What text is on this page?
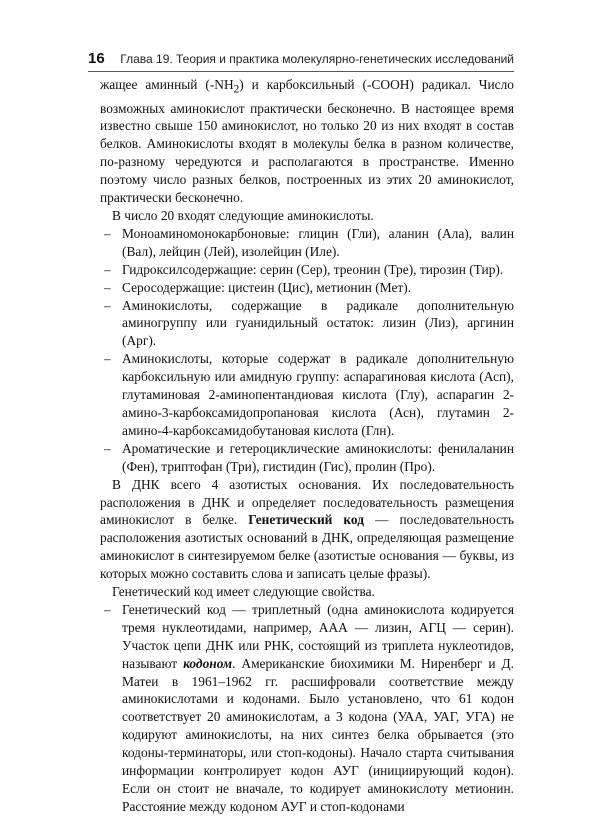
16 Глава 19. Теория и практика молекулярно-генетических исследований

жащее аминный $(-NH_2)$ и карбоксильный (-COOH) радикал. Число возможных аминокислот практически бесконечно. В настоящее время известно свыше 150 аминокислот, но только 20 из них входят в состав белков. Аминокислоты входят в молекулы белка в разном количестве, по-разному чередуются и располагаются в пространстве. Именно поэтому число разных белков, построенных из этих 20 аминокислот, практически бесконечно.

В число 20 входят следующие аминокислоты.

– Моноаминомонокарбоновые: глицин (Гли), аланин (Ала), валин (Вал), лейцин (Лей), изолейцин (Иле).
– Гидроксилсодержащие: серин (Сер), треонин (Тре), тирозин (Тир).
– Серосодержащие: цистеин (Цис), метионин (Мет).
– Аминокислоты, содержащие в радикале дополнительную аминогруппу или гуанидильный остаток: лизин (Лиз), аргинин (Арг).
– Аминокислоты, которые содержат в радикале дополнительную карбоксильную или амидную группу: аспарагиновая кислота (Асп), глутаминовая 2-аминопентандиовая кислота (Глу), аспарагин 2-амино-3-карбоксамидопропановая кислота (Асн), глутамин 2-амино-4-карбоксамидобутановая кислота (Глн).
– Ароматические и гетероциклические аминокислоты: фенилаланин (Фен), триптофан (Три), гистидин (Гис), пролин (Про).

В ДНК всего 4 азотистых основания. Их последовательность расположения в ДНК и определяет последовательность размещения аминокислот в белке. Генетический код — последовательность расположения азотистых оснований в ДНК, определяющая размещение аминокислот в синтезируемом белке (азотистые основания — буквы, из которых можно составить слова и записать целые фразы).

Генетический код имеет следующие свойства.

– Генетический код — триплетный (одна аминокислота кодируется тремя нуклеотидами, например, ААА — лизин, АГЦ — серин). Участок цепи ДНК или РНК, состоящий из триплета нуклеотидов, называют кодоном. Американские биохимики М. Ниренберг и Д. Матеи в 1961–1962 гг. расшифровали соответствие между аминокислотами и кодонами. Было установлено, что 61 кодон соответствует 20 аминокислотам, а 3 кодона (УАА, УАГ, УГА) не кодируют аминокислоты, на них синтез белка обрывается (это кодоны-терминаторы, или стоп-кодоны). Начало старта считывания информации контролирует кодон АУГ (инициирующий кодон). Если он стоит не вначале, то кодирует аминокислоту метионин. Расстояние между кодоном АУГ и стоп-кодонами
